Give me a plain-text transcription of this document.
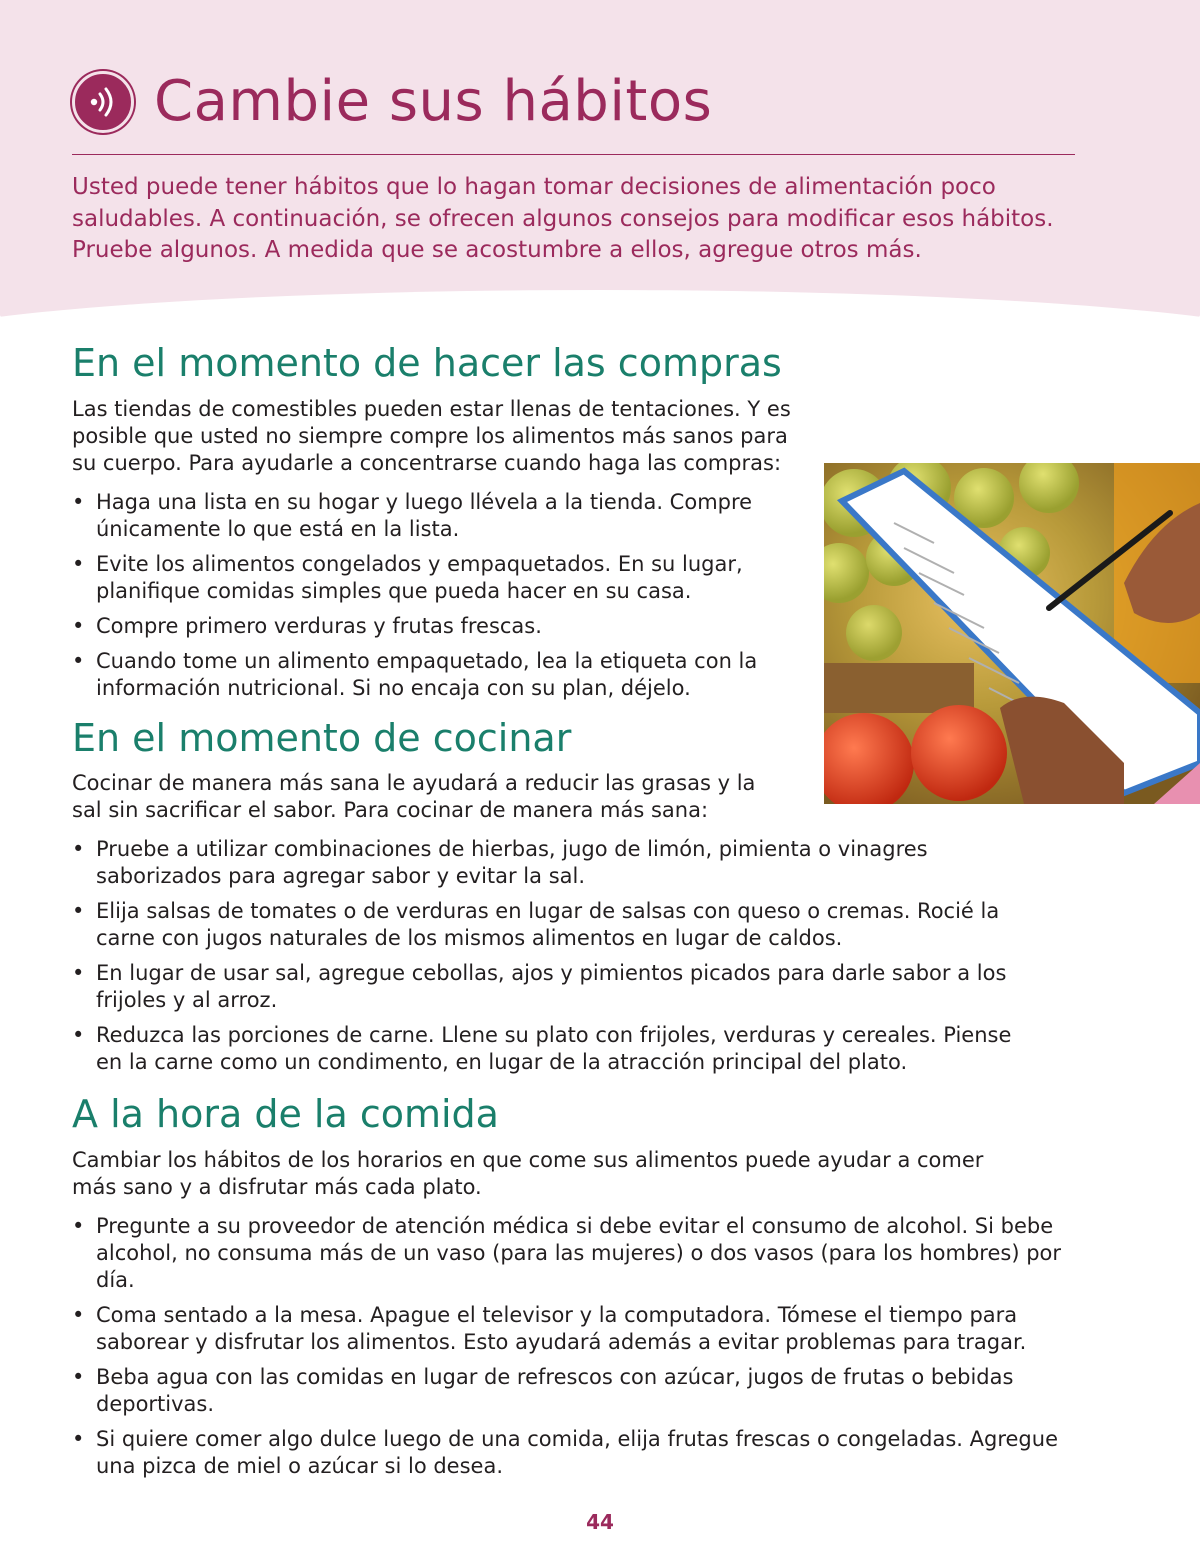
Cambie sus hábitos

Usted puede tener hábitos que lo hagan tomar decisiones de alimentación poco saludables. A continuación, se ofrecen algunos consejos para modificar esos hábitos. Pruebe algunos. A medida que se acostumbre a ellos, agregue otros más.

En el momento de hacer las compras

Las tiendas de comestibles pueden estar llenas de tentaciones. Y es posible que usted no siempre compre los alimentos más sanos para su cuerpo. Para ayudarle a concentrarse cuando haga las compras:

• Haga una lista en su hogar y luego llévela a la tienda. Compre únicamente lo que está en la lista.
• Evite los alimentos congelados y empaquetados. En su lugar, planifique comidas simples que pueda hacer en su casa.
• Compre primero verduras y frutas frescas.
• Cuando tome un alimento empaquetado, lea la etiqueta con la información nutricional. Si no encaja con su plan, déjelo.
En el momento de cocinar

Cocinar de manera más sana le ayudará a reducir las grasas y la sal sin sacrificar el sabor. Para cocinar de manera más sana:

• Pruebe a utilizar combinaciones de hierbas, jugo de limón, pimienta o vinagres saborizados para agregar sabor y evitar la sal.
• Elija salsas de tomates o de verduras en lugar de salsas con queso o cremas. Rocié la carne con jugos naturales de los mismos alimentos en lugar de caldos.
• En lugar de usar sal, agregue cebollas, ajos y pimientos picados para darle sabor a los frijoles y al arroz.
• Reduzca las porciones de carne. Llene su plato con frijoles, verduras y cereales. Piense en la carne como un condimento, en lugar de la atracción principal del plato.
A la hora de la comida

Cambiar los hábitos de los horarios en que come sus alimentos puede ayudar a comer más sano y a disfrutar más cada plato.

• Pregunte a su proveedor de atención médica si debe evitar el consumo de alcohol. Si bebe alcohol, no consuma más de un vaso (para las mujeres) o dos vasos (para los hombres) por día.
• Coma sentado a la mesa. Apague el televisor y la computadora. Tómese el tiempo para saborear y disfrutar los alimentos. Esto ayudará además a evitar problemas para tragar.
• Beba agua con las comidas en lugar de refrescos con azúcar, jugos de frutas o bebidas deportivas.
• Si quiere comer algo dulce luego de una comida, elija frutas frescas o congeladas. Agregue una pizca de miel o azúcar si lo desea.
44
